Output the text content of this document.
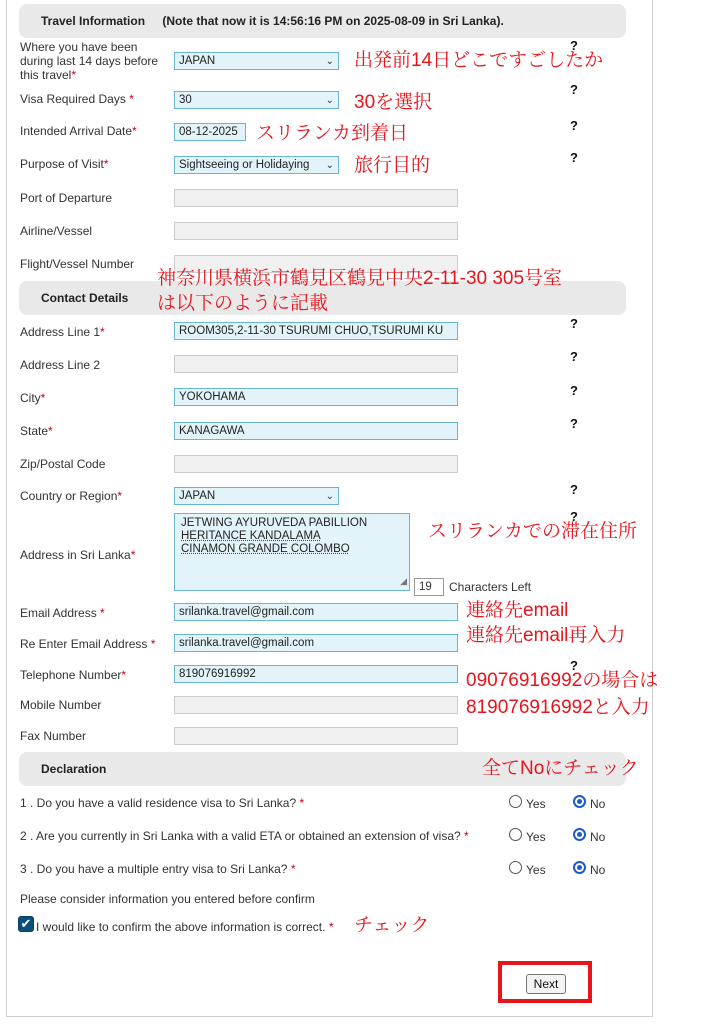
Travel Information (Note that now it is 14:56:16 PM on 2025-08-09 in Sri Lanka).
Where you have been during last 14 days before this travel*
JAPAN	⌄ 出発前14日どこですごしたか
?
Visa Required Days *	30	⌄ 30を選択
?
Intended Arrival Date*	08-12-2025 スリランカ到着日	?
Purpose of Visit*	Sightseeing or Holidaying ⌄ 旅行目的	?
Port of Departure
Airline/Vessel
Flight/Vessel Number
Contact Details
神奈川県横浜市鶴見区鶴見中央2-11-30 305号室
は以下のように記載
Address Line 1*	ROOM305,2-11-30 TSURUMI CHUO,TSURUMI KU	?
Address Line 2
?
City*	YOKOHAMA	?
State*	KANAGAWA	?
Zip/Postal Code
Country or Region*	JAPAN	⌄	?
Address in Sri Lanka*
JETWING AYURUVEDA PABILLION
HERITANCE KANDALAMA
CINAMON GRANDE COLOMBO
◢	19	Characters Left
スリランカでの滞在住所
?
Email Address *	srilanka.travel@gmail.com	連絡先email
Re Enter Email Address *	srilanka.travel@gmail.com	連絡先email再入力
Telephone Number*	819076916992	09076916992の場合は
819076916992と入力
?
Mobile Number
Fax Number
Declaration	全てNoにチェック
1 . Do you have a valid residence visa to Sri Lanka? *	Yes	No
2 . Are you currently in Sri Lanka with a valid ETA or obtained an extension of visa? *	Yes	No
3 . Do you have a multiple entry visa to Sri Lanka? *	Yes	No
Please consider information you entered before confirm
✔ I would like to confirm the above information is correct. * チェック
Next
